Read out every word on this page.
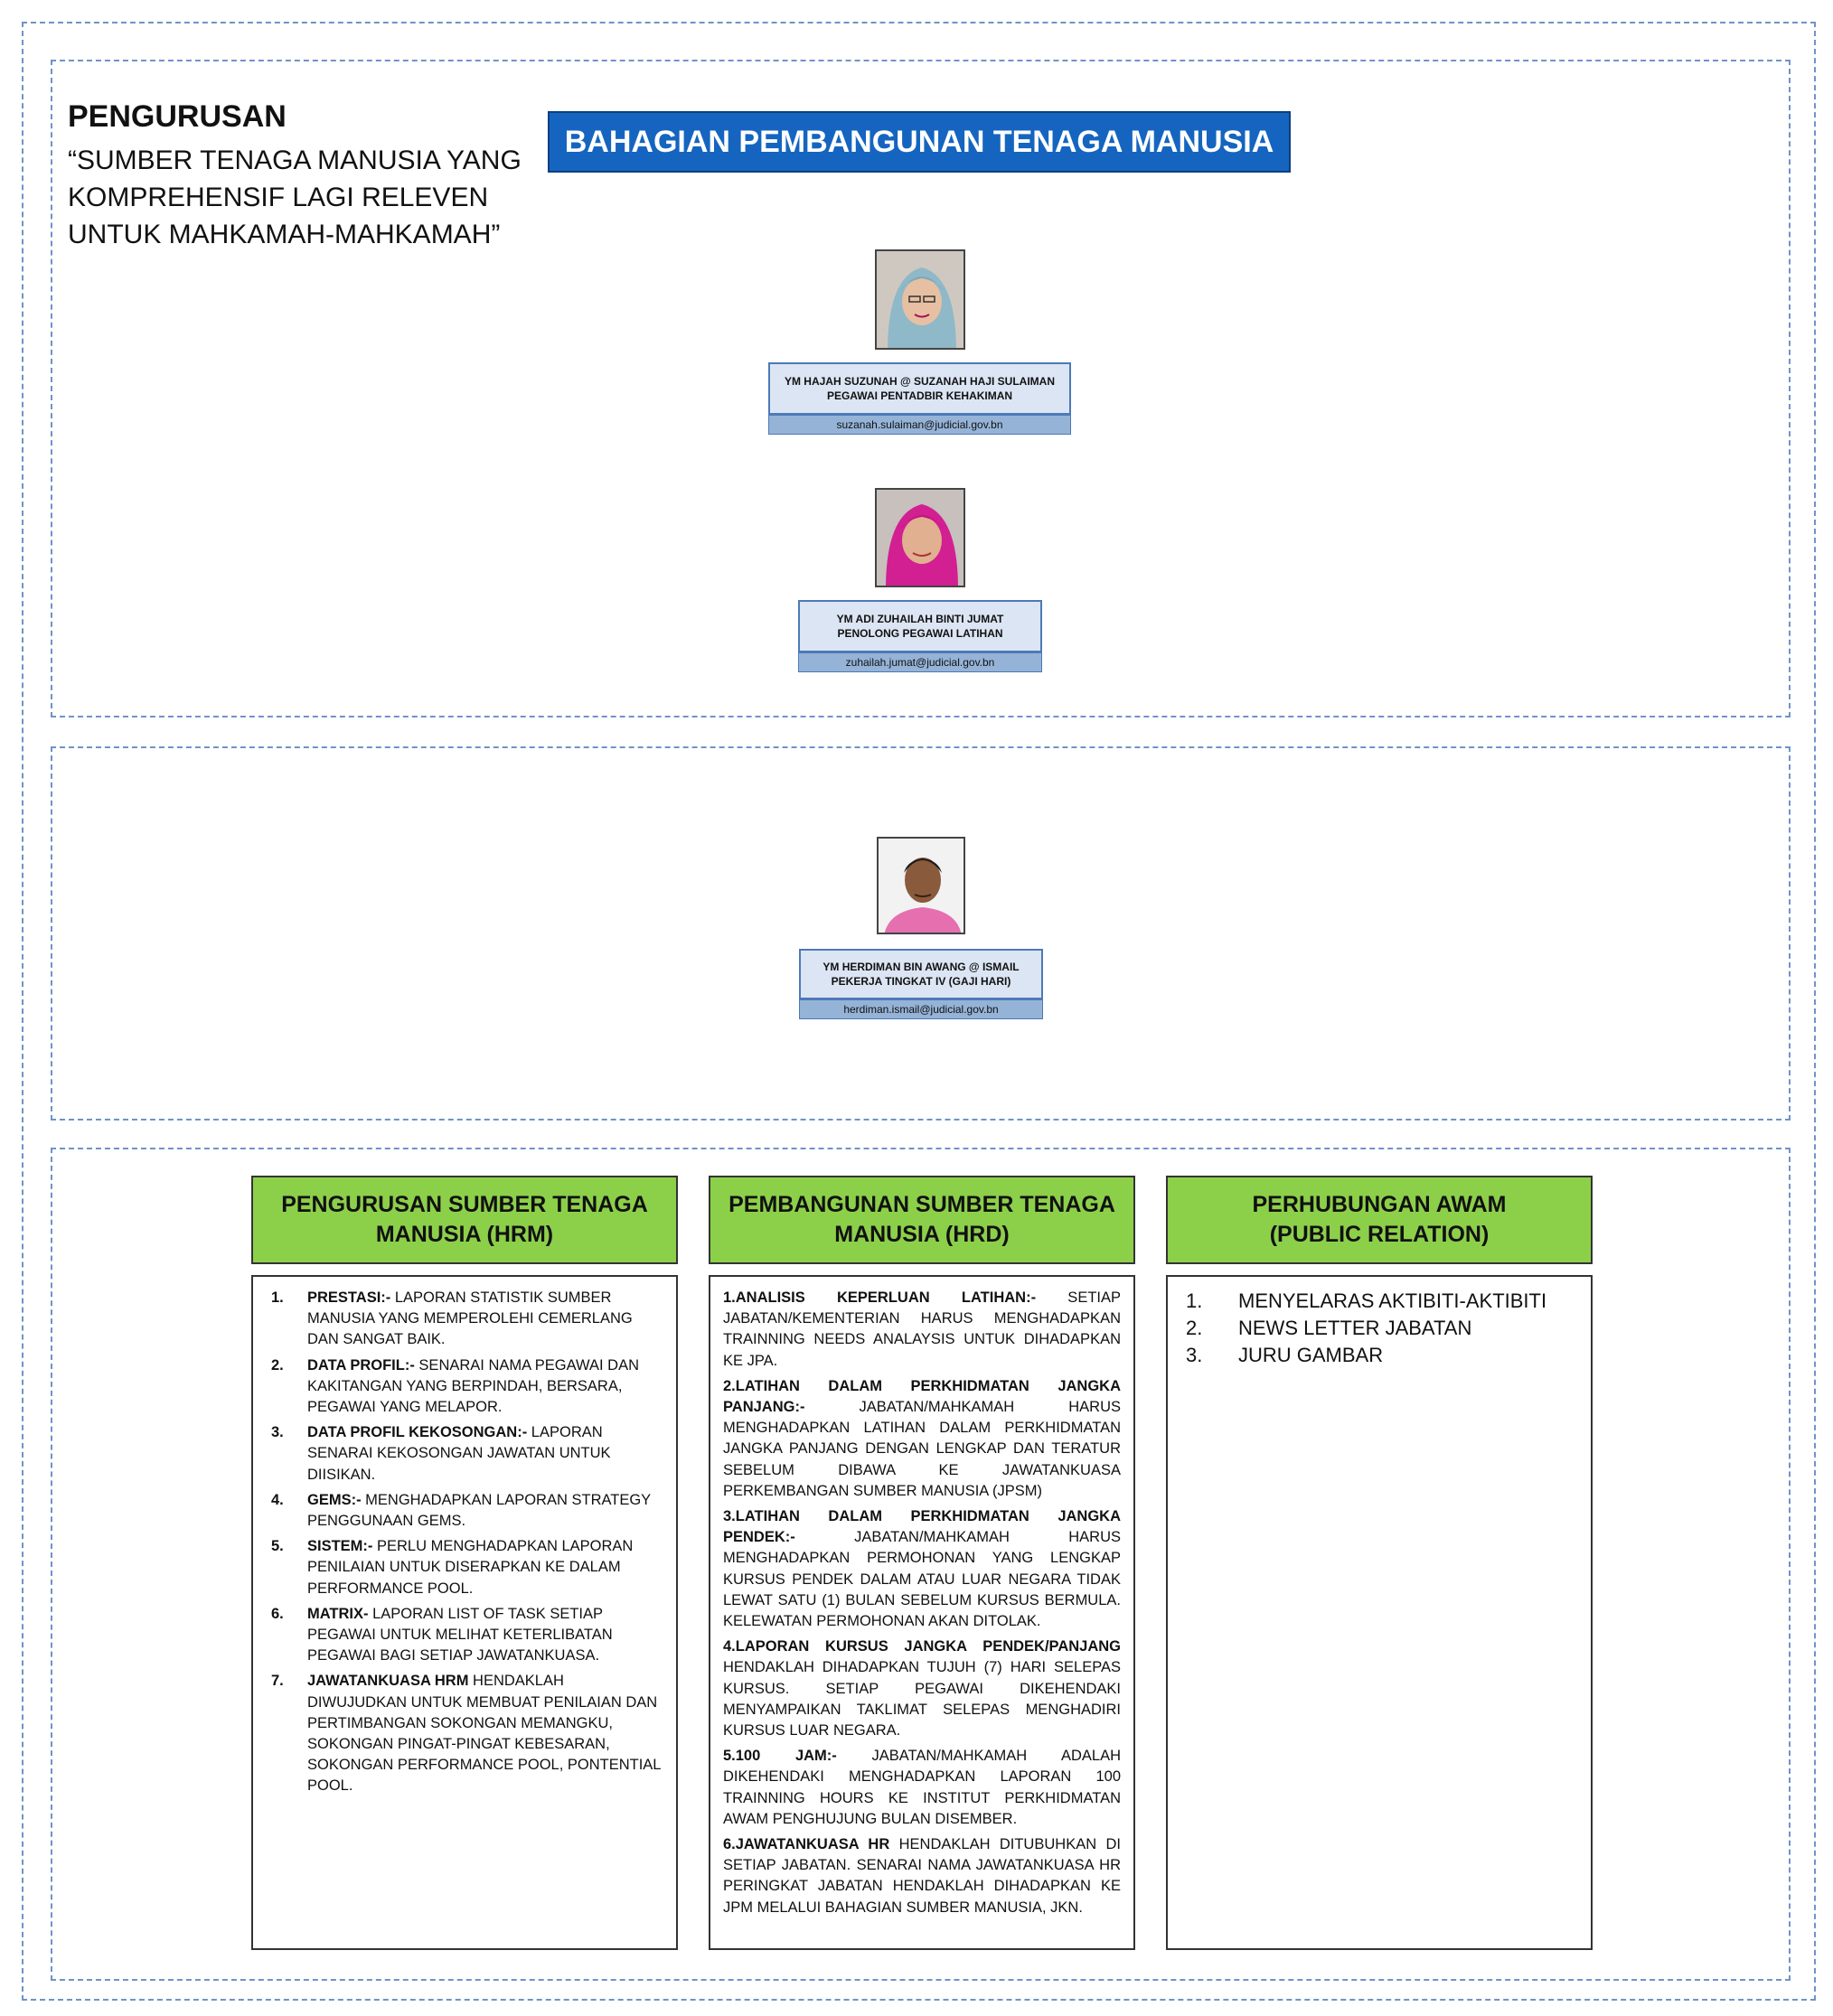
PENGURUSAN
“SUMBER TENAGA MANUSIA YANG KOMPREHENSIF LAGI RELEVEN UNTUK MAHKAMAH-MAHKAMAH”
BAHAGIAN PEMBANGUNAN TENAGA MANUSIA
YM HAJAH SUZUNAH @ SUZANAH HAJI SULAIMAN
PEGAWAI PENTADBIR KEHAKIMAN
suzanah.sulaiman@judicial.gov.bn
YM ADI ZUHAILAH BINTI JUMAT
PENOLONG PEGAWAI LATIHAN
zuhailah.jumat@judicial.gov.bn
YM HERDIMAN BIN AWANG @ ISMAIL
PEKERJA TINGKAT IV (GAJI HARI)
herdiman.ismail@judicial.gov.bn
PENGURUSAN SUMBER TENAGA
MANUSIA (HRM)
1.	PRESTASI:- LAPORAN STATISTIK SUMBER MANUSIA YANG MEMPEROLEHI CEMERLANG DAN SANGAT BAIK.
2.	DATA PROFIL:- SENARAI NAMA PEGAWAI DAN KAKITANGAN YANG BERPINDAH, BERSARA, PEGAWAI YANG MELAPOR.
3.	DATA PROFIL KEKOSONGAN:- LAPORAN SENARAI KEKOSONGAN JAWATAN UNTUK DIISIKAN.
4.	GEMS:- MENGHADAPKAN LAPORAN STRATEGY PENGGUNAAN GEMS.
5.	SISTEM:- PERLU MENGHADAPKAN LAPORAN PENILAIAN UNTUK DISERAPKAN KE DALAM PERFORMANCE POOL.
6.	MATRIX- LAPORAN LIST OF TASK SETIAP PEGAWAI UNTUK MELIHAT KETERLIBATAN PEGAWAI BAGI SETIAP JAWATANKUASA.
7.	JAWATANKUASA HRM HENDAKLAH DIWUJUDKAN UNTUK MEMBUAT PENILAIAN DAN PERTIMBANGAN SOKONGAN MEMANGKU, SOKONGAN PINGAT-PINGAT KEBESARAN, SOKONGAN PERFORMANCE POOL, PONTENTIAL POOL.
PEMBANGUNAN SUMBER TENAGA
MANUSIA (HRD)
1.ANALISIS KEPERLUAN LATIHAN:- SETIAP JABATAN/KEMENTERIAN HARUS MENGHADAPKAN TRAINNING NEEDS ANALAYSIS UNTUK DIHADAPKAN KE JPA.
2.LATIHAN DALAM PERKHIDMATAN JANGKA PANJANG:- JABATAN/MAHKAMAH HARUS MENGHADAPKAN LATIHAN DALAM PERKHIDMATAN JANGKA PANJANG DENGAN LENGKAP DAN TERATUR SEBELUM DIBAWA KE JAWATANKUASA PERKEMBANGAN SUMBER MANUSIA (JPSM)
3.LATIHAN DALAM PERKHIDMATAN JANGKA PENDEK:- JABATAN/MAHKAMAH HARUS MENGHADAPKAN PERMOHONAN YANG LENGKAP KURSUS PENDEK DALAM ATAU LUAR NEGARA TIDAK LEWAT SATU (1) BULAN SEBELUM KURSUS BERMULA. KELEWATAN PERMOHONAN AKAN DITOLAK.
4.LAPORAN KURSUS JANGKA PENDEK/PANJANG HENDAKLAH DIHADAPKAN TUJUH (7) HARI SELEPAS KURSUS. SETIAP PEGAWAI DIKEHENDAKI MENYAMPAIKAN TAKLIMAT SELEPAS MENGHADIRI KURSUS LUAR NEGARA.
5.100 JAM:- JABATAN/MAHKAMAH ADALAH DIKEHENDAKI MENGHADAPKAN LAPORAN 100 TRAINNING HOURS KE INSTITUT PERKHIDMATAN AWAM PENGHUJUNG BULAN DISEMBER.
6.JAWATANKUASA HR HENDAKLAH DITUBUHKAN DI SETIAP JABATAN. SENARAI NAMA JAWATANKUASA HR PERINGKAT JABATAN HENDAKLAH DIHADAPKAN KE JPM MELALUI BAHAGIAN SUMBER MANUSIA, JKN.
PERHUBUNGAN AWAM
(PUBLIC RELATION)
1.	MENYELARAS AKTIBITI-AKTIBITI
2.	NEWS LETTER JABATAN
3.	JURU GAMBAR
